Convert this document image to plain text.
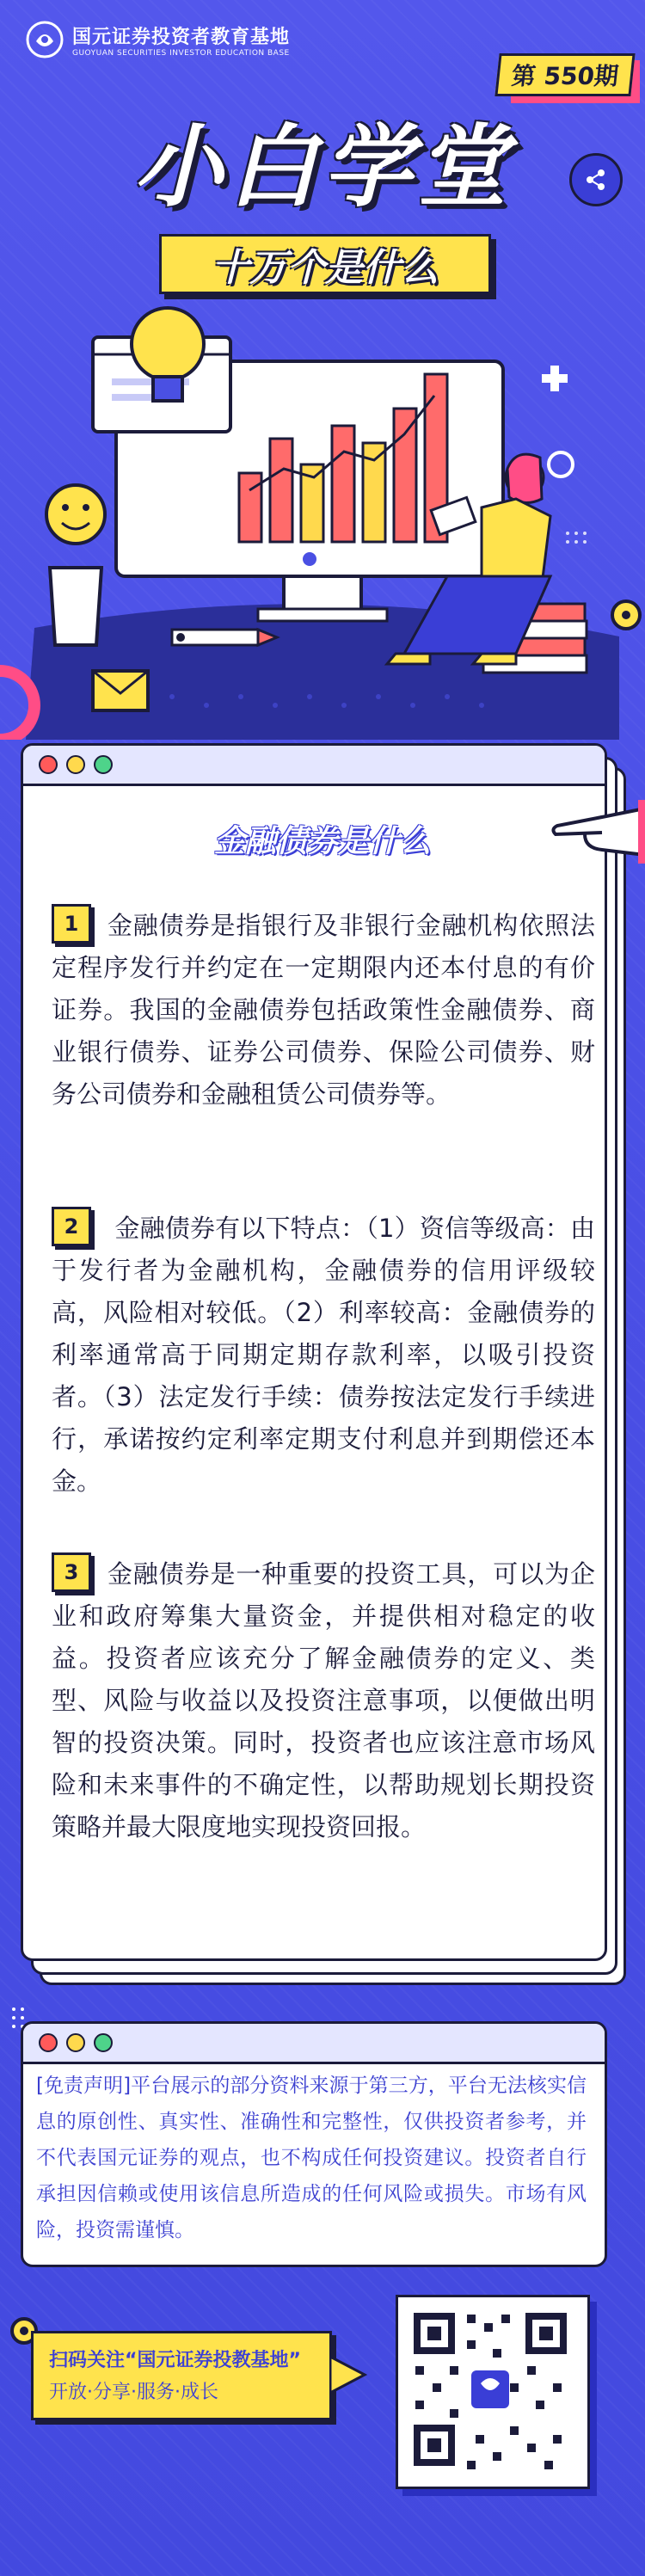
国元证券投资者教育基地
GUOYUAN SECURITIES INVESTOR EDUCATION BASE
第 550期
小白学堂
十万个是什么
金融债券是什么
1 金融债券是指银行及非银行金融机构依照法定程序发行并约定在一定期限内还本付息的有价证券。我国的金融债券包括政策性金融债券、商业银行债券、证券公司债券、保险公司债券、财务公司债券和金融租赁公司债券等。
2 金融债券有以下特点：（1）资信等级高：由于发行者为金融机构，金融债券的信用评级较高，风险相对较低。（2）利率较高：金融债券的利率通常高于同期定期存款利率，以吸引投资者。（3）法定发行手续：债券按法定发行手续进行，承诺按约定利率定期支付利息并到期偿还本金。
3 金融债券是一种重要的投资工具，可以为企业和政府筹集大量资金，并提供相对稳定的收益。投资者应该充分了解金融债券的定义、类型、风险与收益以及投资注意事项，以便做出明智的投资决策。同时，投资者也应该注意市场风险和未来事件的不确定性，以帮助规划长期投资策略并最大限度地实现投资回报。
[免责声明]平台展示的部分资料来源于第三方，平台无法核实信息的原创性、真实性、准确性和完整性，仅供投资者参考，并不代表国元证券的观点，也不构成任何投资建议。投资者自行承担因信赖或使用该信息所造成的任何风险或损失。市场有风险，投资需谨慎。
扫码关注“国元证券投教基地”
开放·分享·服务·成长
